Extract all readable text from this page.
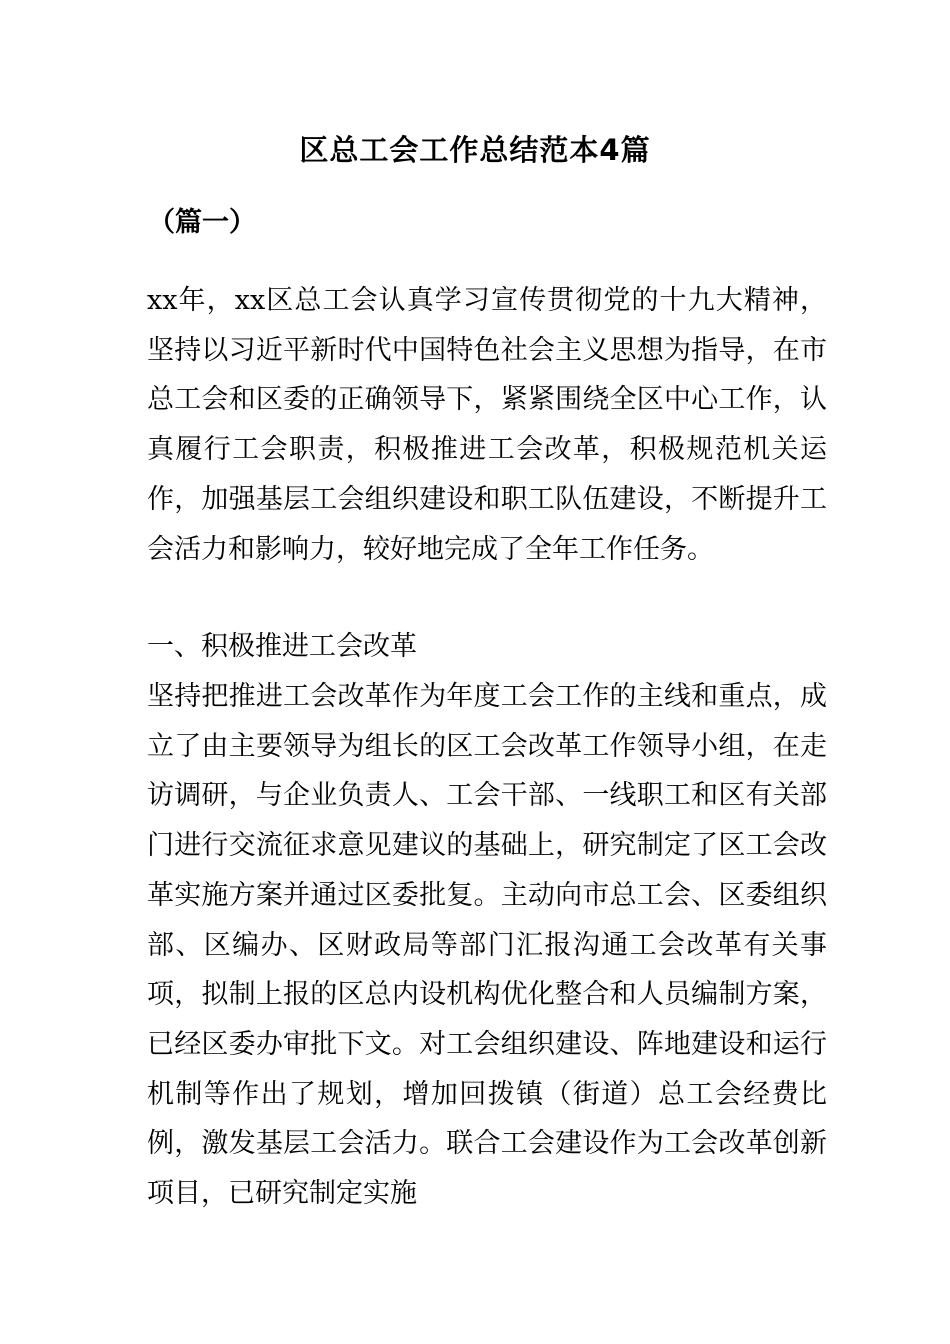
区总工会工作总结范本4篇
（篇一）

xx年，xx区总工会认真学习宣传贯彻党的十九大精神，坚持以习近平新时代中国特色社会主义思想为指导，在市总工会和区委的正确领导下，紧紧围绕全区中心工作，认真履行工会职责，积极推进工会改革，积极规范机关运作，加强基层工会组织建设和职工队伍建设，不断提升工会活力和影响力，较好地完成了全年工作任务。

一、积极推进工会改革

坚持把推进工会改革作为年度工会工作的主线和重点，成立了由主要领导为组长的区工会改革工作领导小组，在走访调研，与企业负责人、工会干部、一线职工和区有关部门进行交流征求意见建议的基础上，研究制定了区工会改革实施方案并通过区委批复。主动向市总工会、区委组织部、区编办、区财政局等部门汇报沟通工会改革有关事项，拟制上报的区总内设机构优化整合和人员编制方案，已经区委办审批下文。对工会组织建设、阵地建设和运行机制等作出了规划，增加回拨镇（街道）总工会经费比例，激发基层工会活力。联合工会建设作为工会改革创新项目，已研究制定实施
